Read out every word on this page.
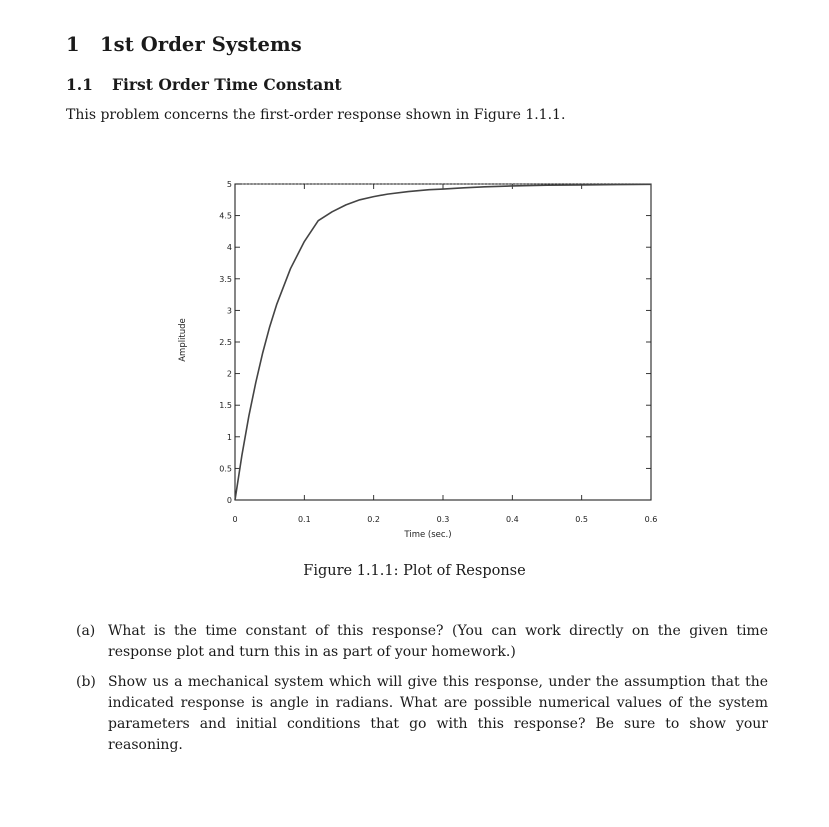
1 1st Order Systems
1.1 First Order Time Constant

This problem concerns the first-order response shown in Figure 1.1.1.

0	0.1	0.2	0.3	0.4	0.5	0.6
0
0.5
1
1.5
2
2.5
3
3.5
4
4.5
5
Time (sec.)
Amplitude

Figure 1.1.1: Plot of Response

(a) What is the time constant of this response? (You can work directly on the given time response plot and turn this in as part of your homework.)
(b) Show us a mechanical system which will give this response, under the assumption that the indicated response is angle in radians. What are possible numerical values of the system parameters and initial conditions that go with this response? Be sure to show your reasoning.
